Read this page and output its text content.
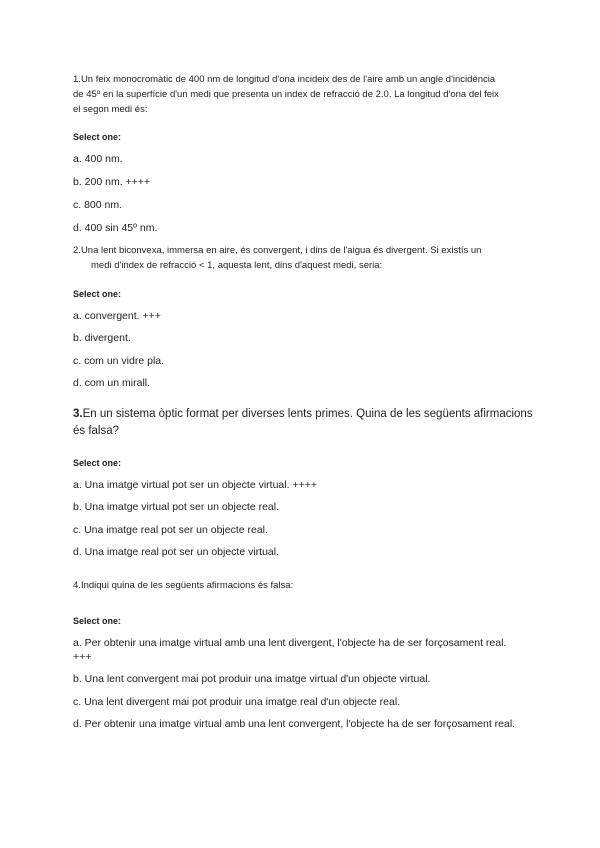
1.Un feix monocromàtic de 400 nm de longitud d'ona incideix des de l'aire amb un angle d'incidència
de 45º en la superfície d'un medi que presenta un index de refracció de 2.0. La longitud d'ona del feix
el segon medi és:

Select one:

a. 400 nm.
b. 200 nm. ++++
c. 800 nm.
d. 400 sin 45º nm.

2.Una lent biconvexa, immersa en aire, és convergent, i dins de l'aigua és divergent. Si existís un

medi d'index de refracció < 1, aquesta lent, dins d'aquest medi, seria:

Select one:

a. convergent. +++
b. divergent.
c. com un vidre pla.
d. com un mirall.

3.En un sistema òptic format per diverses lents primes. Quina de les següents afirmacions
és falsa?

Select one:

a. Una imatge virtual pot ser un objecte virtual. ++++
b. Una imatge virtual pot ser un objecte real.
c. Una imatge real pot ser un objecte real.
d. Una imatge real pot ser un objecte virtual.

4.Indiqui quina de les següents afirmacions és falsa:

Select one:

a. Per obtenir una imatge virtual amb una lent divergent, l'objecte ha de ser forçosament real.
+++
b. Una lent convergent mai pot produir una imatge virtual d'un objecte virtual.
c. Una lent divergent mai pot produir una imatge real d'un objecte real.
d. Per obtenir una imatge virtual amb una lent convergent, l'objecte ha de ser forçosament real.
